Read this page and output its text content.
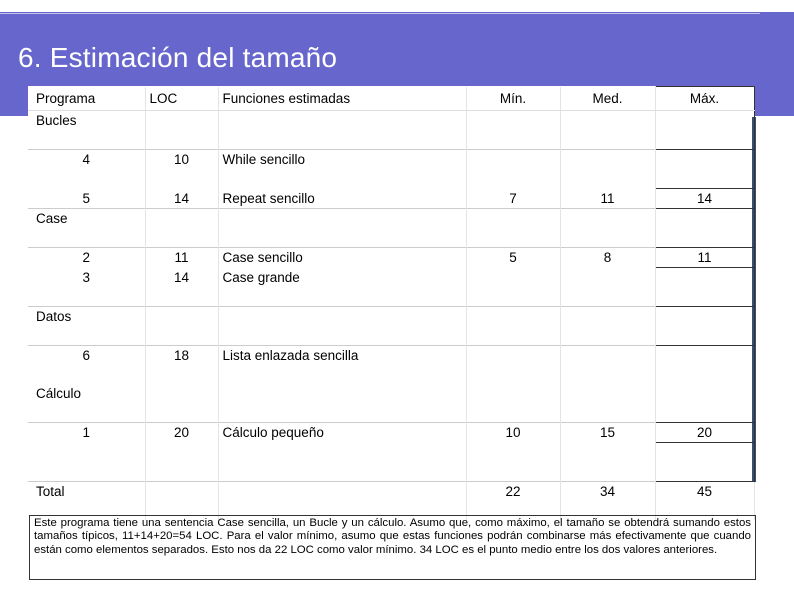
6. Estimación del tamaño
Programa	LOC	Funciones estimadas	Mín.	Med.	Máx.
Bucles					

4	10	While sencillo			

5	14	Repeat sencillo	7	11	14
Case					

2	11	Case sencillo	5	8	11
3	14	Case grande			

Datos					

6	18	Lista enlazada sencilla			

Cálculo					

1	20	Cálculo pequeño	10	15	20

Total			22	34	45

Este programa tiene una sentencia Case sencilla, un Bucle y un cálculo. Asumo que, como máximo, el tamaño se obtendrá sumando estos tamaños típicos, 11+14+20=54 LOC. Para el valor mínimo, asumo que estas funciones podrán combinarse más efectivamente que cuando están como elementos separados. Esto nos da 22 LOC como valor mínimo. 34 LOC es el punto medio entre los dos valores anteriores.
